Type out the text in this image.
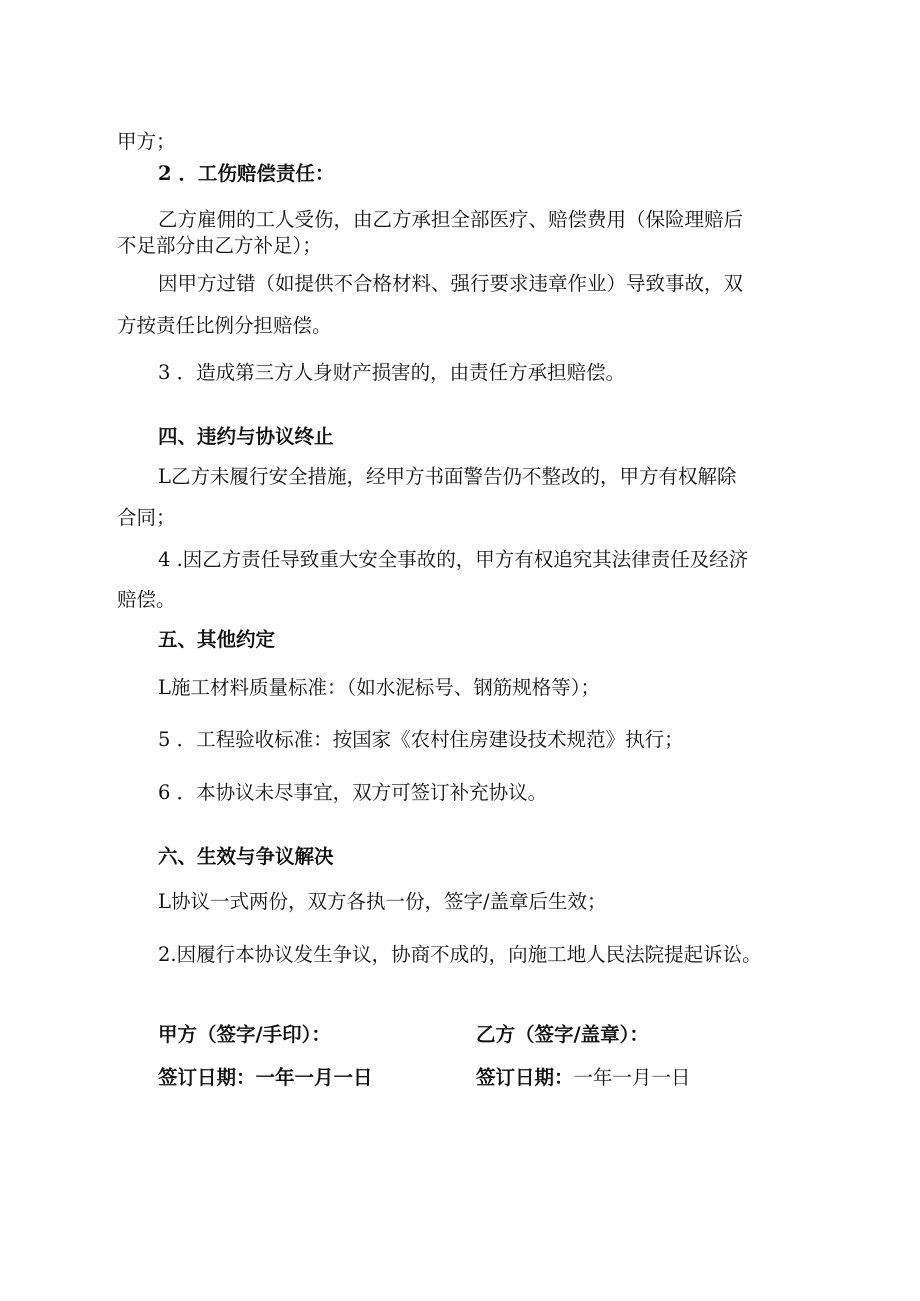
甲方；
2 ．工伤赔偿责任：
乙方雇佣的工人受伤，由乙方承担全部医疗、赔偿费用（保险理赔后
不足部分由乙方补足）；
因甲方过错（如提供不合格材料、强行要求违章作业）导致事故，双
方按责任比例分担赔偿。
3 ．造成第三方人身财产损害的，由责任方承担赔偿。
四、违约与协议终止
L乙方未履行安全措施，经甲方书面警告仍不整改的，甲方有权解除
合同；
4 .因乙方责任导致重大安全事故的，甲方有权追究其法律责任及经济
赔偿。
五、其他约定
L施工材料质量标准：（如水泥标号、钢筋规格等）；
5 ．工程验收标准：按国家《农村住房建设技术规范》执行；
6 ．本协议未尽事宜，双方可签订补充协议。
六、生效与争议解决
L协议一式两份，双方各执一份，签字/盖章后生效；
2.因履行本协议发生争议，协商不成的，向施工地人民法院提起诉讼。
甲方（签字/手印）：	乙方（签字/盖章）：
签订日期：一年一月一日	签订日期：一年一月一日
